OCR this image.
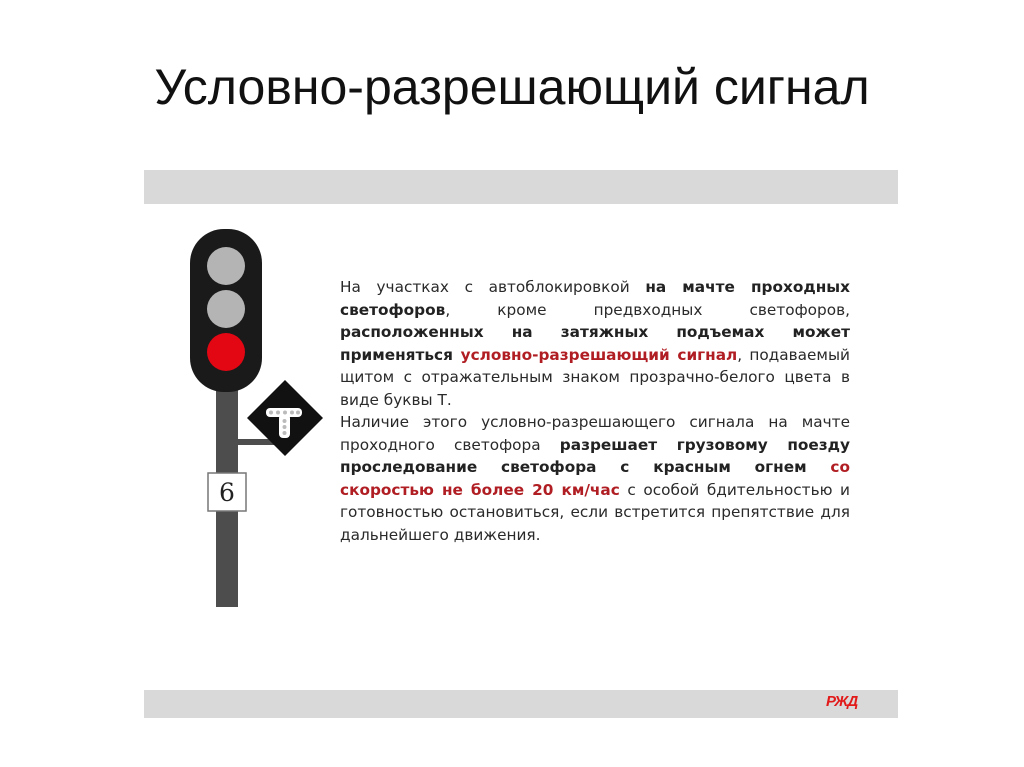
Условно-разрешающий сигнал
6

На участках с автоблокировкой на мачте проходных светофоров, кроме предвходных светофоров, расположенных на затяжных подъемах может применяться условно-разрешающий сигнал, подаваемый щитом с отражательным знаком прозрачно-белого цвета в виде буквы Т.

Наличие этого условно-разрешающего сигнала на мачте проходного светофора разрешает грузовому поезду проследование светофора с красным огнем со скоростью не более 20 км/час с особой бдительностью и готовностью остановиться, если встретится препятствие для дальнейшего движения.

РЖД
